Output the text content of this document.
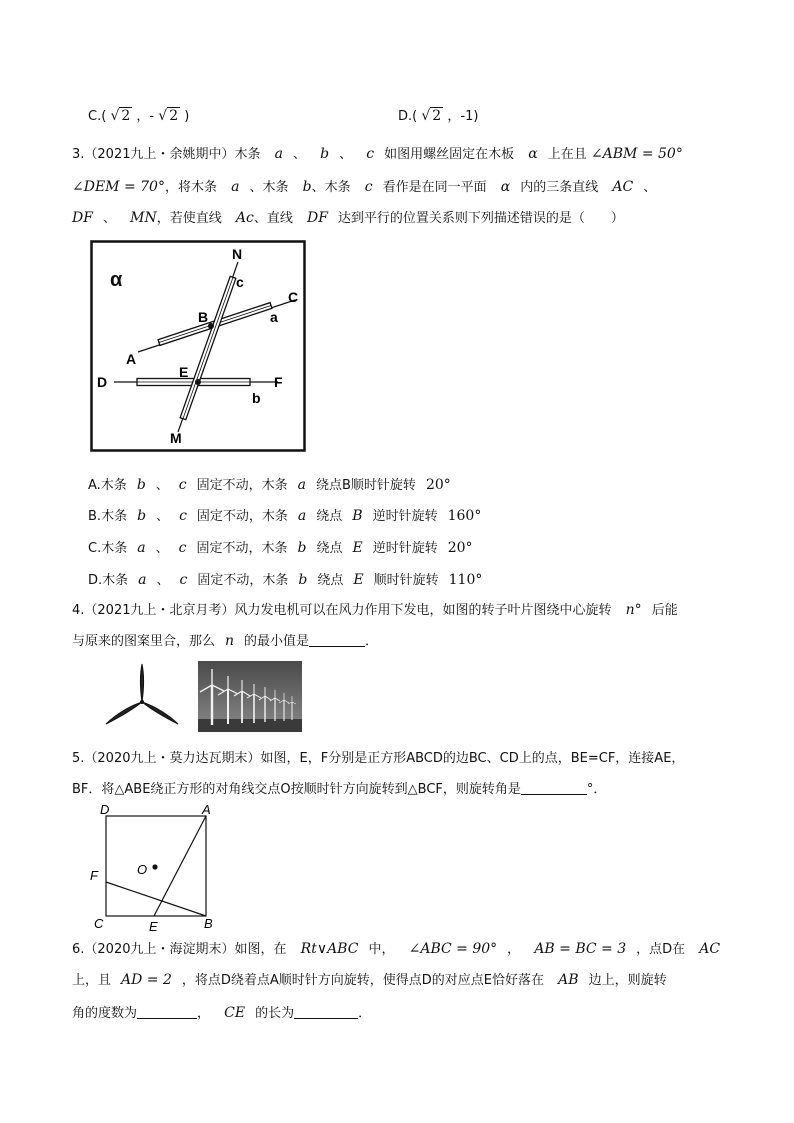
C.( √ 2 ，- √ 2 )	D.( √ 2 ，-1)
3.（2021九上・余姚期中）木条 a 、 b 、 c 如图用螺丝固定在木板 α 上在且 ∠ABM = 50°
∠DEM = 70°，将木条 a 、木条 b、木条 c 看作是在同一平面 α 内的三条直线 AC 、
DF 、 MN，若使直线 Ac、直线 DF 达到平行的位置关系则下列描述错误的是（　　）
α
N
c
C
a
B
A
D
E
F
b
M
A.木条 b 、 c 固定不动，木条 a 绕点B顺时针旋转 20°
B.木条 b 、 c 固定不动，木条 a 绕点 B 逆时针旋转 160°
C.木条 a 、 c 固定不动，木条 b 绕点 E 逆时针旋转 20°
D.木条 a 、 c 固定不动，木条 b 绕点 E 顺时针旋转 110°
4.（2021九上・北京月考）风力发电机可以在风力作用下发电，如图的转子叶片图绕中心旋转 n° 后能
与原来的图案里合，那么 n 的最小值是	．
5.（2020九上・莫力达瓦期末）如图，E，F分别是正方形ABCD的边BC、CD上的点，BE=CF，连接AE，
BF．将△ABE绕正方形的对角线交点O按顺时针方向旋转到△BCF，则旋转角是	°．
D	A
O
F
C	E	B
6.（2020九上・海淀期末）如图，在 Rt∨ABC 中， ∠ABC = 90° ， AB = BC = 3 ，点D在 AC
上，且 AD = 2 ，将点D绕着点A顺时针方向旋转，使得点D的对应点E恰好落在 AB 边上，则旋转
角的度数为	， CE 的长为	．
